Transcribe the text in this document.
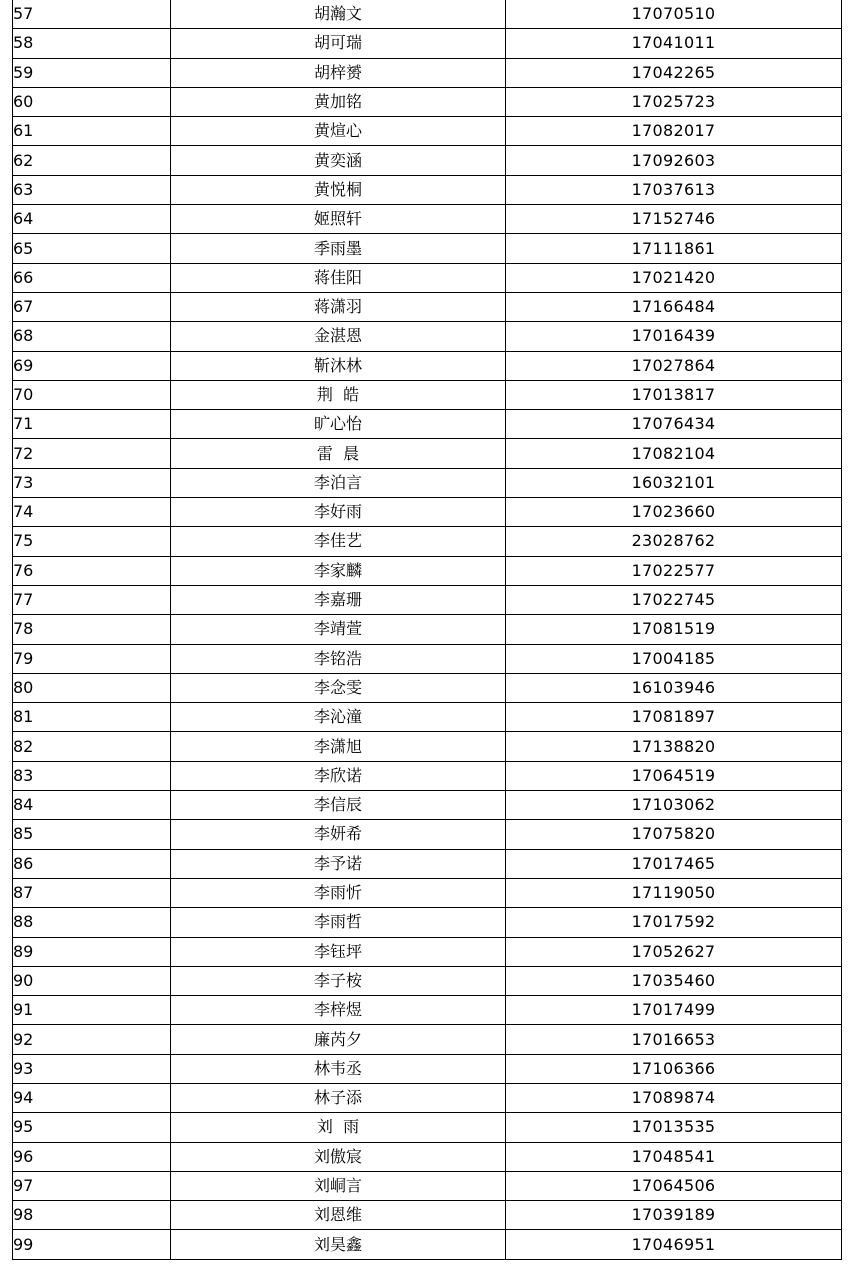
57	胡瀚文	17070510
58	胡可瑞	17041011
59	胡梓赟	17042265
60	黄加铭	17025723
61	黄煊心	17082017
62	黄奕涵	17092603
63	黄悦桐	17037613
64	姬照轩	17152746
65	季雨墨	17111861
66	蒋佳阳	17021420
67	蒋潇羽	17166484
68	金湛恩	17016439
69	靳沐林	17027864
70	荆  皓	17013817
71	旷心怡	17076434
72	雷  晨	17082104
73	李泊言	16032101
74	李好雨	17023660
75	李佳艺	23028762
76	李家麟	17022577
77	李嘉珊	17022745
78	李靖萱	17081519
79	李铭浩	17004185
80	李念雯	16103946
81	李沁潼	17081897
82	李潇旭	17138820
83	李欣诺	17064519
84	李信辰	17103062
85	李妍希	17075820
86	李予诺	17017465
87	李雨忻	17119050
88	李雨哲	17017592
89	李钰坪	17052627
90	李子桉	17035460
91	李梓煜	17017499
92	廉芮夕	17016653
93	林韦丞	17106366
94	林子添	17089874
95	刘  雨	17013535
96	刘傲宸	17048541
97	刘峒言	17064506
98	刘恩维	17039189
99	刘昊鑫	17046951
